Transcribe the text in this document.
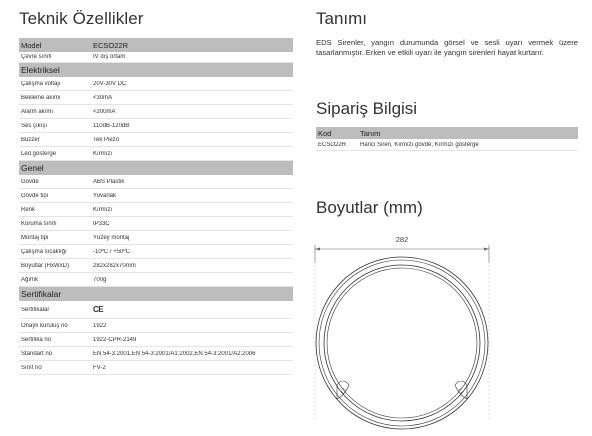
Teknik Özellikler
Model	ECSO22R
Çevre sınıfı	IV dış ortam
Elektriksel
Çalışma voltajı	20V-30V DC
Bekleme akımı	<30mA
Alarm akımı	<200mA
Ses çıkışı	110dB-120dB
Buzzer	Tek Piezo
Led gösterge	Kırmızı
Genel
Gövde	ABS Plastik
Gövde tipi	Yuvarlak
Renk	Kırmızı
Koruma sınıfı	IP33C
Montaj tipi	Yüzey montaj
Çalışma sıcaklığı	-10ºC / +50ºC
Boyutlar (HxWxD)	282x282x70mm
Ağırlık	700g
Sertifikalar
Sertifikalar	CE
Onaylı kuruluş no	1922
Sertifika no	1922-CPR-2149
Standart no	EN 54-3:2001,EN 54-3:2001/A1:2002,EN 54-3:2001/A2:2006
Sınıf no	FV-2
Tanımı
EDS Sirenler, yangın durumunda görsel ve sesli uyarı vermek üzere tasarlanmıştır. Erken ve etkili uyarı ile yangın sirenleri hayat kurtarır.
Sipariş Bilgisi
Kod	Tanım
ECSO22R	Harici Siren, Kırmızı gövde, Kırmızı gösterge
Boyutlar (mm)
282
